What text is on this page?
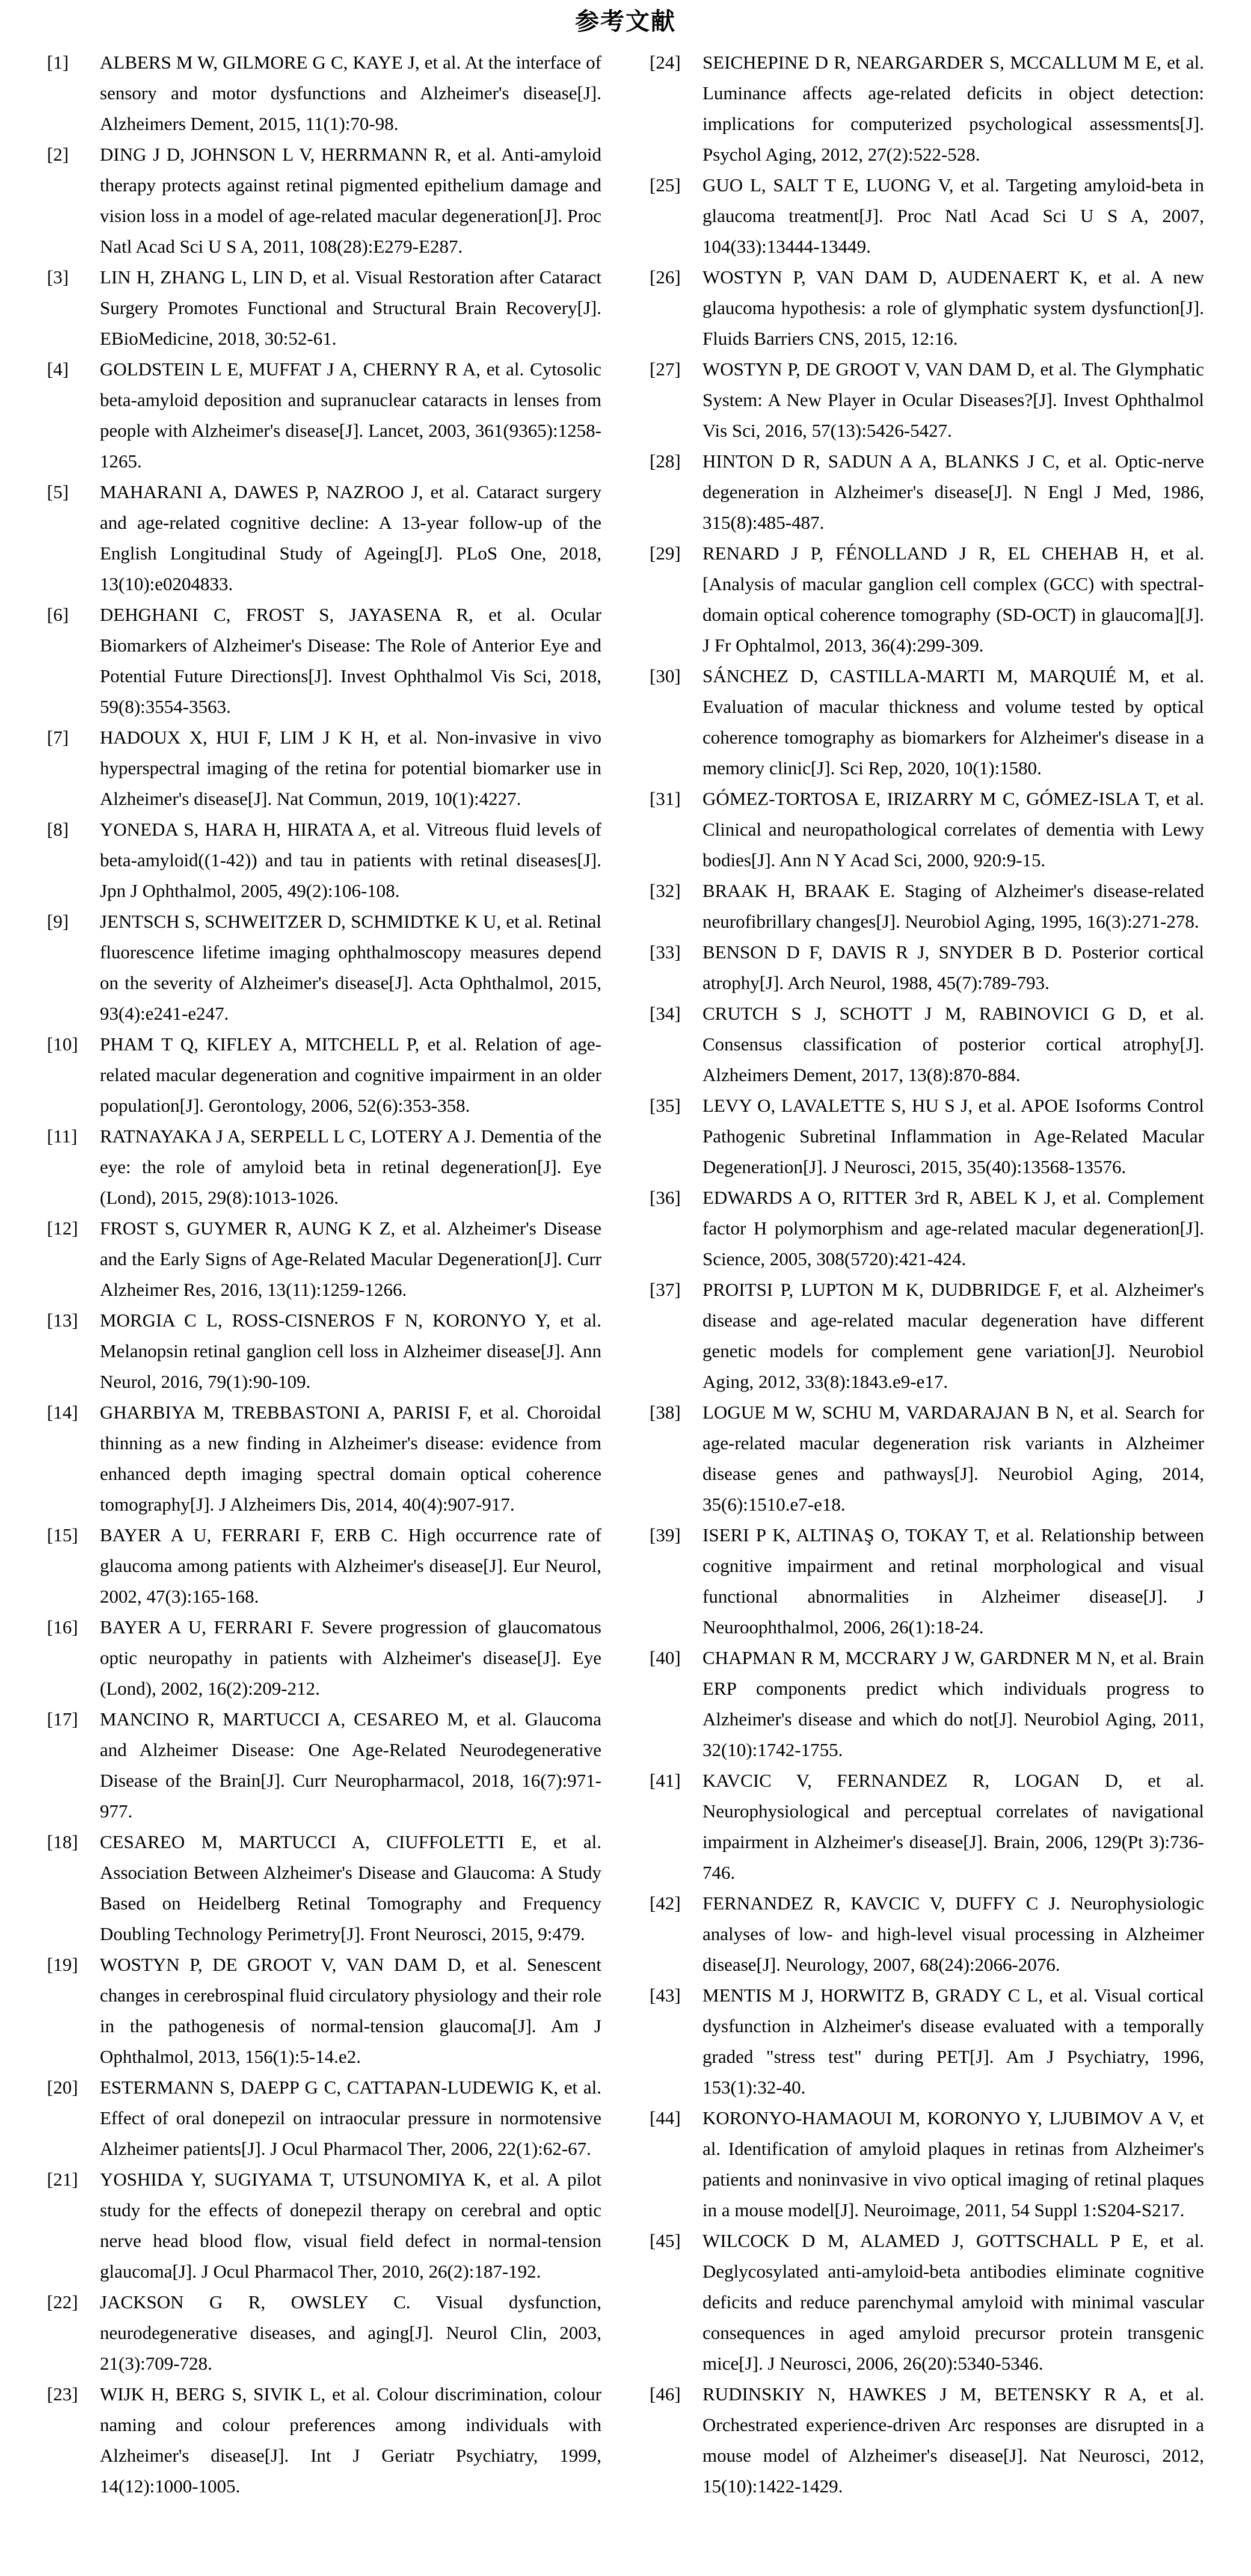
参考文献
[1]	ALBERS M W, GILMORE G C, KAYE J, et al. At the interface of sensory and motor dysfunctions and Alzheimer's disease[J]. Alzheimers Dement, 2015, 11(1):70-98.
[2]	DING J D, JOHNSON L V, HERRMANN R, et al. Anti-amyloid therapy protects against retinal pigmented epithelium damage and vision loss in a model of age-related macular degeneration[J]. Proc Natl Acad Sci U S A, 2011, 108(28):E279-E287.
[3]	LIN H, ZHANG L, LIN D, et al. Visual Restoration after Cataract Surgery Promotes Functional and Structural Brain Recovery[J]. EBioMedicine, 2018, 30:52-61.
[4]	GOLDSTEIN L E, MUFFAT J A, CHERNY R A, et al. Cytosolic beta-amyloid deposition and supranuclear cataracts in lenses from people with Alzheimer's disease[J]. Lancet, 2003, 361(9365):1258-1265.
[5]	MAHARANI A, DAWES P, NAZROO J, et al. Cataract surgery and age-related cognitive decline: A 13-year follow-up of the English Longitudinal Study of Ageing[J]. PLoS One, 2018, 13(10):e0204833.
[6]	DEHGHANI C, FROST S, JAYASENA R, et al. Ocular Biomarkers of Alzheimer's Disease: The Role of Anterior Eye and Potential Future Directions[J]. Invest Ophthalmol Vis Sci, 2018, 59(8):3554-3563.
[7]	HADOUX X, HUI F, LIM J K H, et al. Non-invasive in vivo hyperspectral imaging of the retina for potential biomarker use in Alzheimer's disease[J]. Nat Commun, 2019, 10(1):4227.
[8]	YONEDA S, HARA H, HIRATA A, et al. Vitreous fluid levels of beta-amyloid((1-42)) and tau in patients with retinal diseases[J]. Jpn J Ophthalmol, 2005, 49(2):106-108.
[9]	JENTSCH S, SCHWEITZER D, SCHMIDTKE K U, et al. Retinal fluorescence lifetime imaging ophthalmoscopy measures depend on the severity of Alzheimer's disease[J]. Acta Ophthalmol, 2015, 93(4):e241-e247.
[10]	PHAM T Q, KIFLEY A, MITCHELL P, et al. Relation of age-related macular degeneration and cognitive impairment in an older population[J]. Gerontology, 2006, 52(6):353-358.
[11]	RATNAYAKA J A, SERPELL L C, LOTERY A J. Dementia of the eye: the role of amyloid beta in retinal degeneration[J]. Eye (Lond), 2015, 29(8):1013-1026.
[12]	FROST S, GUYMER R, AUNG K Z, et al. Alzheimer's Disease and the Early Signs of Age-Related Macular Degeneration[J]. Curr Alzheimer Res, 2016, 13(11):1259-1266.
[13]	MORGIA C L, ROSS-CISNEROS F N, KORONYO Y, et al. Melanopsin retinal ganglion cell loss in Alzheimer disease[J]. Ann Neurol, 2016, 79(1):90-109.
[14]	GHARBIYA M, TREBBASTONI A, PARISI F, et al. Choroidal thinning as a new finding in Alzheimer's disease: evidence from enhanced depth imaging spectral domain optical coherence tomography[J]. J Alzheimers Dis, 2014, 40(4):907-917.
[15]	BAYER A U, FERRARI F, ERB C. High occurrence rate of glaucoma among patients with Alzheimer's disease[J]. Eur Neurol, 2002, 47(3):165-168.
[16]	BAYER A U, FERRARI F. Severe progression of glaucomatous optic neuropathy in patients with Alzheimer's disease[J]. Eye (Lond), 2002, 16(2):209-212.
[17]	MANCINO R, MARTUCCI A, CESAREO M, et al. Glaucoma and Alzheimer Disease: One Age-Related Neurodegenerative Disease of the Brain[J]. Curr Neuropharmacol, 2018, 16(7):971-977.
[18]	CESAREO M, MARTUCCI A, CIUFFOLETTI E, et al. Association Between Alzheimer's Disease and Glaucoma: A Study Based on Heidelberg Retinal Tomography and Frequency Doubling Technology Perimetry[J]. Front Neurosci, 2015, 9:479.
[19]	WOSTYN P, DE GROOT V, VAN DAM D, et al. Senescent changes in cerebrospinal fluid circulatory physiology and their role in the pathogenesis of normal-tension glaucoma[J]. Am J Ophthalmol, 2013, 156(1):5-14.e2.
[20]	ESTERMANN S, DAEPP G C, CATTAPAN-LUDEWIG K, et al. Effect of oral donepezil on intraocular pressure in normotensive Alzheimer patients[J]. J Ocul Pharmacol Ther, 2006, 22(1):62-67.
[21]	YOSHIDA Y, SUGIYAMA T, UTSUNOMIYA K, et al. A pilot study for the effects of donepezil therapy on cerebral and optic nerve head blood flow, visual field defect in normal-tension glaucoma[J]. J Ocul Pharmacol Ther, 2010, 26(2):187-192.
[22]	JACKSON G R, OWSLEY C. Visual dysfunction, neurodegenerative diseases, and aging[J]. Neurol Clin, 2003, 21(3):709-728.
[23]	WIJK H, BERG S, SIVIK L, et al. Colour discrimination, colour naming and colour preferences among individuals with Alzheimer's disease[J]. Int J Geriatr Psychiatry, 1999, 14(12):1000-1005.
[24]	SEICHEPINE D R, NEARGARDER S, MCCALLUM M E, et al. Luminance affects age-related deficits in object detection: implications for computerized psychological assessments[J]. Psychol Aging, 2012, 27(2):522-528.
[25]	GUO L, SALT T E, LUONG V, et al. Targeting amyloid-beta in glaucoma treatment[J]. Proc Natl Acad Sci U S A, 2007, 104(33):13444-13449.
[26]	WOSTYN P, VAN DAM D, AUDENAERT K, et al. A new glaucoma hypothesis: a role of glymphatic system dysfunction[J]. Fluids Barriers CNS, 2015, 12:16.
[27]	WOSTYN P, DE GROOT V, VAN DAM D, et al. The Glymphatic System: A New Player in Ocular Diseases?[J]. Invest Ophthalmol Vis Sci, 2016, 57(13):5426-5427.
[28]	HINTON D R, SADUN A A, BLANKS J C, et al. Optic-nerve degeneration in Alzheimer's disease[J]. N Engl J Med, 1986, 315(8):485-487.
[29]	RENARD J P, FÉNOLLAND J R, EL CHEHAB H, et al. [Analysis of macular ganglion cell complex (GCC) with spectral-domain optical coherence tomography (SD-OCT) in glaucoma][J]. J Fr Ophtalmol, 2013, 36(4):299-309.
[30]	SÁNCHEZ D, CASTILLA-MARTI M, MARQUIÉ M, et al. Evaluation of macular thickness and volume tested by optical coherence tomography as biomarkers for Alzheimer's disease in a memory clinic[J]. Sci Rep, 2020, 10(1):1580.
[31]	GÓMEZ-TORTOSA E, IRIZARRY M C, GÓMEZ-ISLA T, et al. Clinical and neuropathological correlates of dementia with Lewy bodies[J]. Ann N Y Acad Sci, 2000, 920:9-15.
[32]	BRAAK H, BRAAK E. Staging of Alzheimer's disease-related neurofibrillary changes[J]. Neurobiol Aging, 1995, 16(3):271-278.
[33]	BENSON D F, DAVIS R J, SNYDER B D. Posterior cortical atrophy[J]. Arch Neurol, 1988, 45(7):789-793.
[34]	CRUTCH S J, SCHOTT J M, RABINOVICI G D, et al. Consensus classification of posterior cortical atrophy[J]. Alzheimers Dement, 2017, 13(8):870-884.
[35]	LEVY O, LAVALETTE S, HU S J, et al. APOE Isoforms Control Pathogenic Subretinal Inflammation in Age-Related Macular Degeneration[J]. J Neurosci, 2015, 35(40):13568-13576.
[36]	EDWARDS A O, RITTER 3rd R, ABEL K J, et al. Complement factor H polymorphism and age-related macular degeneration[J]. Science, 2005, 308(5720):421-424.
[37]	PROITSI P, LUPTON M K, DUDBRIDGE F, et al. Alzheimer's disease and age-related macular degeneration have different genetic models for complement gene variation[J]. Neurobiol Aging, 2012, 33(8):1843.e9-e17.
[38]	LOGUE M W, SCHU M, VARDARAJAN B N, et al. Search for age-related macular degeneration risk variants in Alzheimer disease genes and pathways[J]. Neurobiol Aging, 2014, 35(6):1510.e7-e18.
[39]	ISERI P K, ALTINAŞ O, TOKAY T, et al. Relationship between cognitive impairment and retinal morphological and visual functional abnormalities in Alzheimer disease[J]. J Neuroophthalmol, 2006, 26(1):18-24.
[40]	CHAPMAN R M, MCCRARY J W, GARDNER M N, et al. Brain ERP components predict which individuals progress to Alzheimer's disease and which do not[J]. Neurobiol Aging, 2011, 32(10):1742-1755.
[41]	KAVCIC V, FERNANDEZ R, LOGAN D, et al. Neurophysiological and perceptual correlates of navigational impairment in Alzheimer's disease[J]. Brain, 2006, 129(Pt 3):736-746.
[42]	FERNANDEZ R, KAVCIC V, DUFFY C J. Neurophysiologic analyses of low- and high-level visual processing in Alzheimer disease[J]. Neurology, 2007, 68(24):2066-2076.
[43]	MENTIS M J, HORWITZ B, GRADY C L, et al. Visual cortical dysfunction in Alzheimer's disease evaluated with a temporally graded "stress test" during PET[J]. Am J Psychiatry, 1996, 153(1):32-40.
[44]	KORONYO-HAMAOUI M, KORONYO Y, LJUBIMOV A V, et al. Identification of amyloid plaques in retinas from Alzheimer's patients and noninvasive in vivo optical imaging of retinal plaques in a mouse model[J]. Neuroimage, 2011, 54 Suppl 1:S204-S217.
[45]	WILCOCK D M, ALAMED J, GOTTSCHALL P E, et al. Deglycosylated anti-amyloid-beta antibodies eliminate cognitive deficits and reduce parenchymal amyloid with minimal vascular consequences in aged amyloid precursor protein transgenic mice[J]. J Neurosci, 2006, 26(20):5340-5346.
[46]	RUDINSKIY N, HAWKES J M, BETENSKY R A, et al. Orchestrated experience-driven Arc responses are disrupted in a mouse model of Alzheimer's disease[J]. Nat Neurosci, 2012, 15(10):1422-1429.
